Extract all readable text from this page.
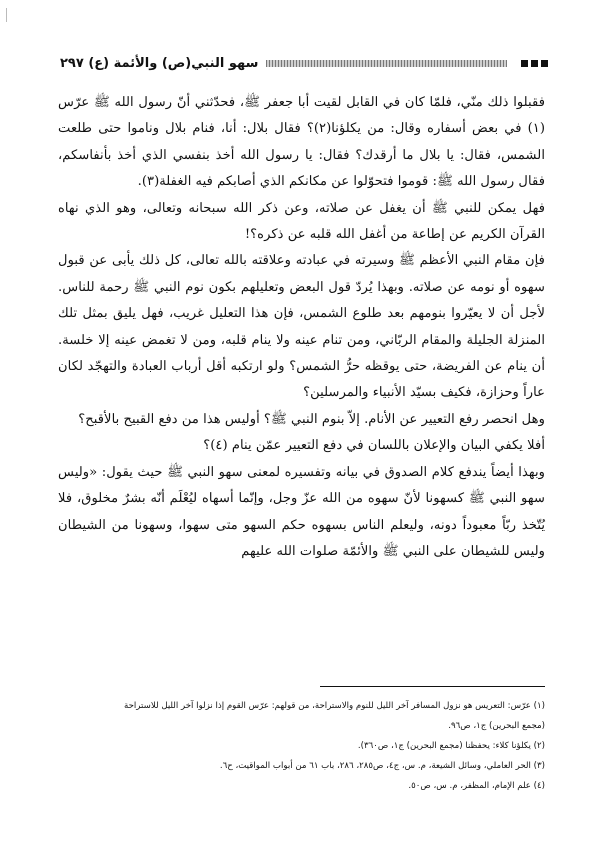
سهو النبي(ص) والأئمة (ع) ٢٩٧

فقبلوا ذلك منّي، فلمّا كان في القابل لقيت أبا جعفر ﷺ، فحدّثني أنّ رسول الله ﷺ عرّس (١) في بعض أسفاره وقال: من يكلؤنا(٢)؟ فقال بلال: أنا، فنام بلال وناموا حتى طلعت الشمس، فقال: يا بلال ما أرقدك؟ فقال: يا رسول الله أخذ بنفسي الذي أخذ بأنفاسكم، فقال رسول الله ﷺ: قوموا فتحوّلوا عن مكانكم الذي أصابكم فيه الغفلة(٣).

فهل يمكن للنبي ﷺ أن يغفل عن صلاته، وعن ذكر الله سبحانه وتعالى، وهو الذي نهاه القرآن الكريم عن إطاعة من أغفل الله قلبه عن ذكره؟!

فإن مقام النبي الأعظم ﷺ وسيرته في عبادته وعلاقته بالله تعالى، كل ذلك يأبى عن قبول سهوه أو نومه عن صلاته. وبهذا يُردّ قول البعض وتعليلهم بكون نوم النبي ﷺ رحمة للناس. لأجل أن لا يعيّروا بنومهم بعد طلوع الشمس، فإن هذا التعليل غريب، فهل يليق بمثل تلك المنزلة الجليلة والمقام الربّاني، ومن تنام عينه ولا ينام قلبه، ومن لا تغمض عينه إلا خلسة. أن ينام عن الفريضة، حتى يوقظه حرُّ الشمس؟ ولو ارتكبه أقل أرباب العبادة والتهجّد لكان عاراً وحزازة، فكيف بسيّد الأنبياء والمرسلين؟

وهل انحصر رفع التعيير عن الأنام. إلاّ بنوم النبي ﷺ؟ أوليس هذا من دفع القبيح بالأقبح؟

أفلا يكفي البيان والإعلان باللسان في دفع التعيير عمّن ينام (٤)؟

وبهذا أيضاً يندفع كلام الصدوق في بيانه وتفسيره لمعنى سهو النبي ﷺ حيث يقول: «وليس سهو النبي ﷺ كسهونا لأنّ سهوه من الله عزّ وجل، وإنّما أسهاه ليُعْلَم أنّه بشرٌ مخلوق، فلا يُتّخذ ربّاً معبوداً دونه، وليعلم الناس بسهوه حكم السهو متى سهوا، وسهونا من الشيطان وليس للشيطان على النبي ﷺ والأئمّة صلوات الله عليهم

(١) عرّس: التعريس هو نزول المسافر آخر الليل للنوم والاستراحة، من قولهم: عرّس القوم إذا نزلوا آخر الليل للاستراحة

(مجمع البحرين) ج١، ص٩٦.

(٢) يكلؤنا كلاء: يحفظنا (مجمع البحرين) ج١، ص٣٦٠).

(٣) الحر العاملي، وسائل الشيعة، م. س، ج٤، ص٢٨٥، ٢٨٦، باب ٦١ من أبواب المواقيت، ح٦.

(٤) علم الإمام، المظفر، م. س، ص٥٠.
